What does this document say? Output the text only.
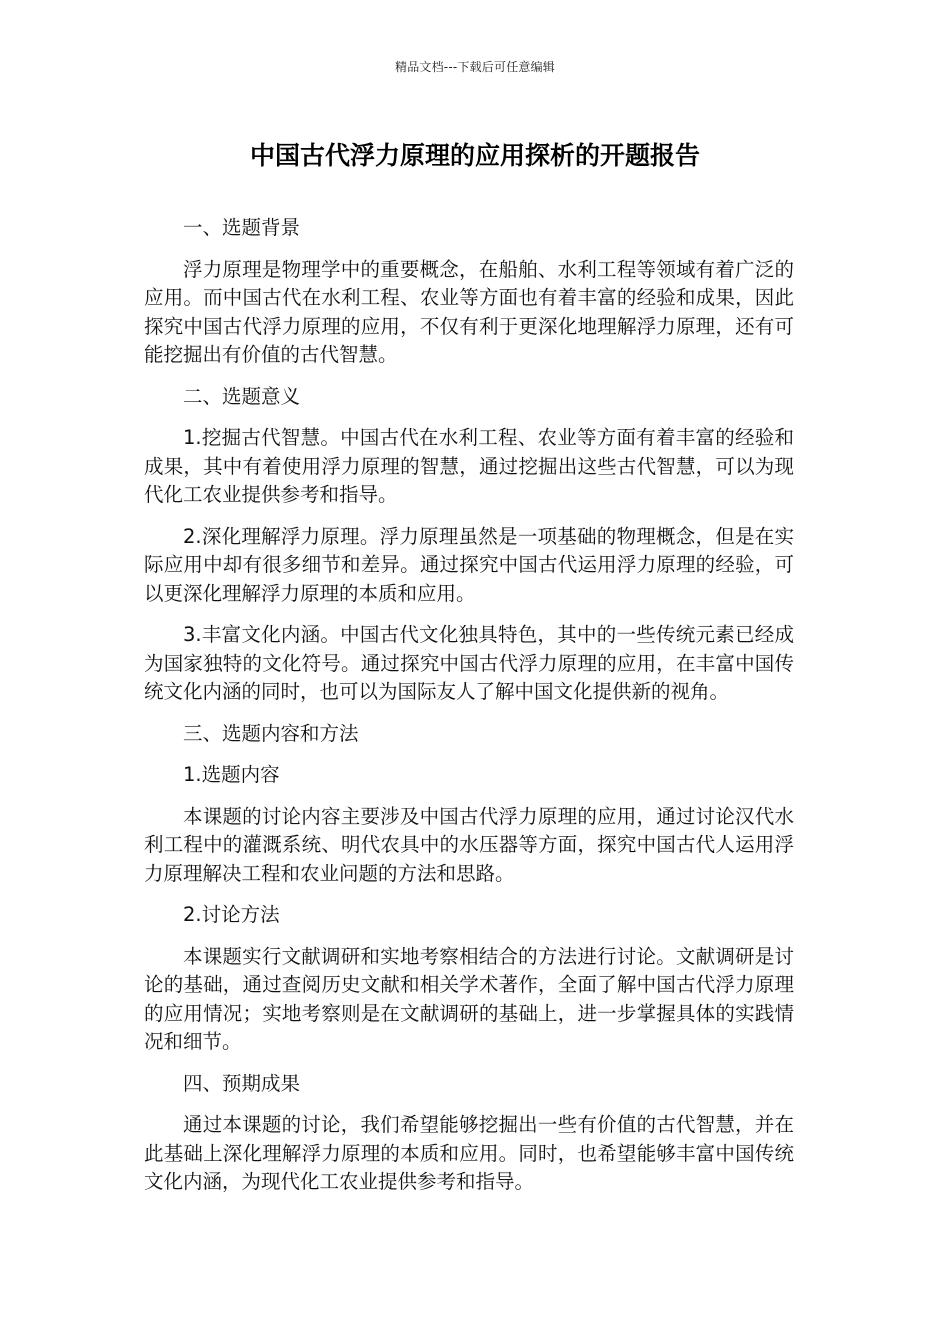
精品文档---下载后可任意编辑
中国古代浮力原理的应用探析的开题报告

一、选题背景

浮力原理是物理学中的重要概念，在船舶、水利工程等领域有着广泛的应用。而中国古代在水利工程、农业等方面也有着丰富的经验和成果，因此探究中国古代浮力原理的应用，不仅有利于更深化地理解浮力原理，还有可能挖掘出有价值的古代智慧。

二、选题意义

1.挖掘古代智慧。中国古代在水利工程、农业等方面有着丰富的经验和成果，其中有着使用浮力原理的智慧，通过挖掘出这些古代智慧，可以为现代化工农业提供参考和指导。

2.深化理解浮力原理。浮力原理虽然是一项基础的物理概念，但是在实际应用中却有很多细节和差异。通过探究中国古代运用浮力原理的经验，可以更深化理解浮力原理的本质和应用。

3.丰富文化内涵。中国古代文化独具特色，其中的一些传统元素已经成为国家独特的文化符号。通过探究中国古代浮力原理的应用，在丰富中国传统文化内涵的同时，也可以为国际友人了解中国文化提供新的视角。

三、选题内容和方法

1.选题内容

本课题的讨论内容主要涉及中国古代浮力原理的应用，通过讨论汉代水利工程中的灌溉系统、明代农具中的水压器等方面，探究中国古代人运用浮力原理解决工程和农业问题的方法和思路。

2.讨论方法

本课题实行文献调研和实地考察相结合的方法进行讨论。文献调研是讨论的基础，通过查阅历史文献和相关学术著作，全面了解中国古代浮力原理的应用情况；实地考察则是在文献调研的基础上，进一步掌握具体的实践情况和细节。

四、预期成果

通过本课题的讨论，我们希望能够挖掘出一些有价值的古代智慧，并在此基础上深化理解浮力原理的本质和应用。同时，也希望能够丰富中国传统文化内涵，为现代化工农业提供参考和指导。
